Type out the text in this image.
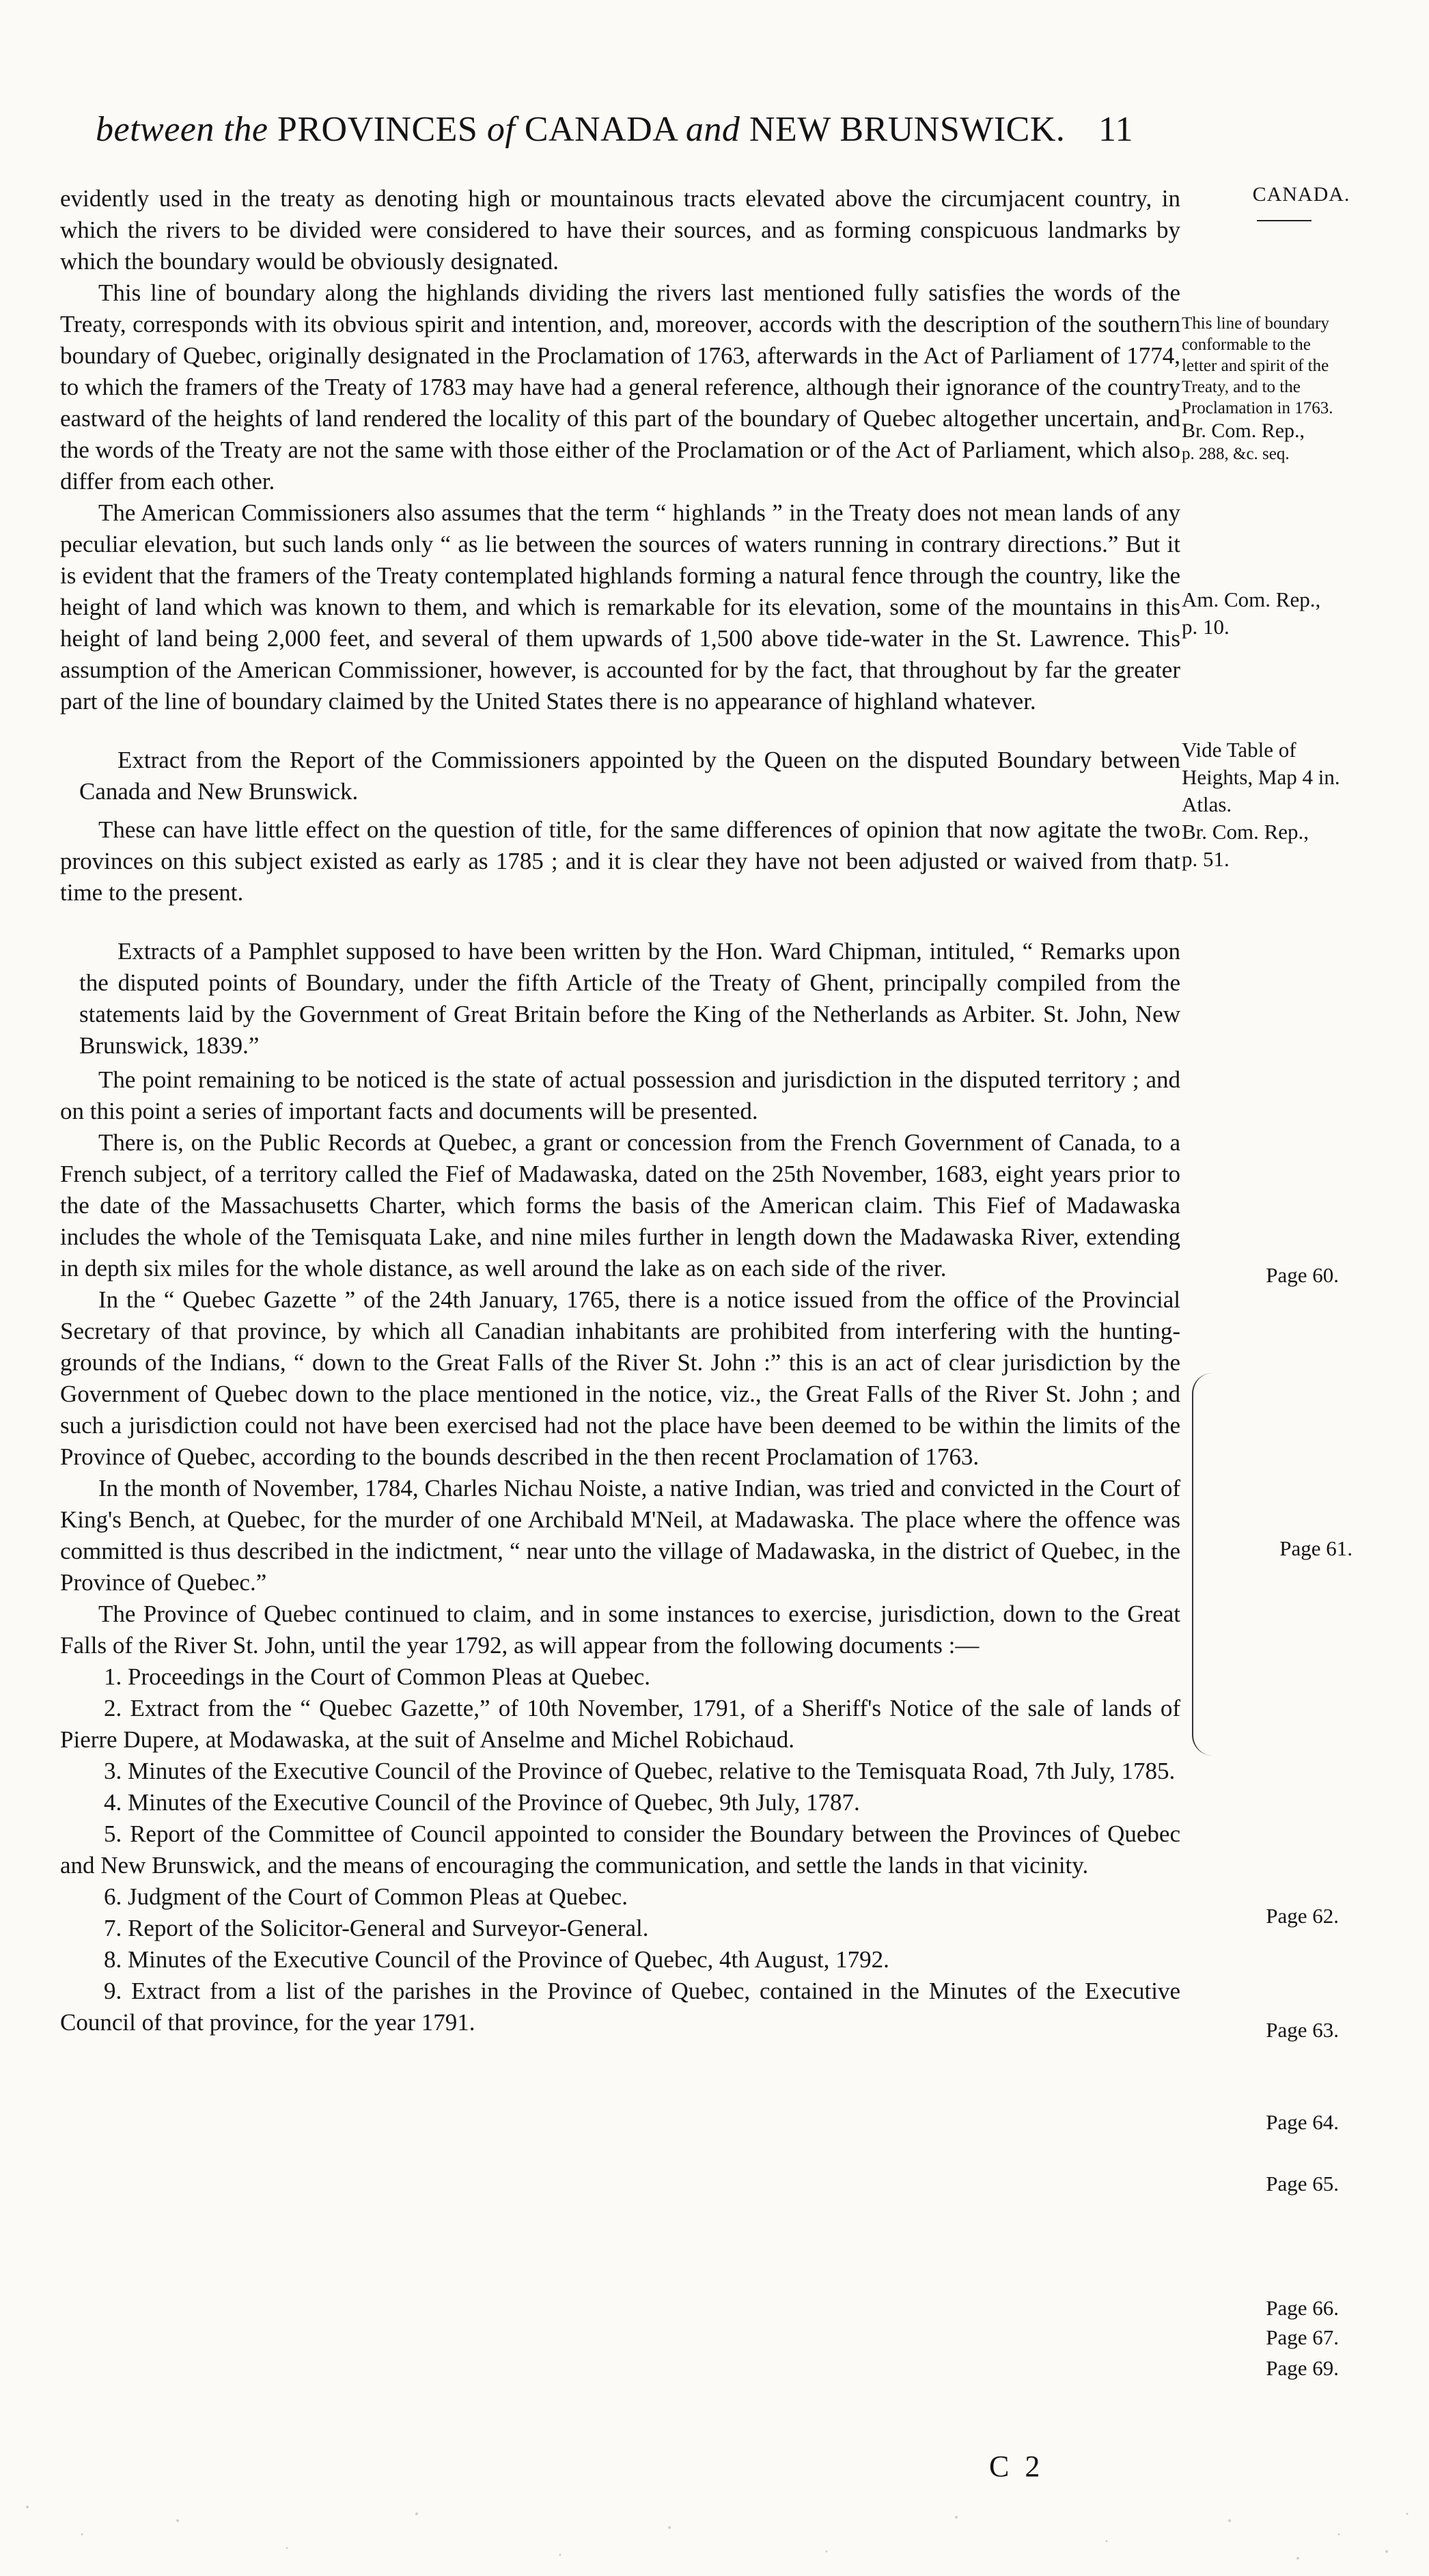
between the PROVINCES of CANADA and NEW BRUNSWICK. 11
CANADA.
This line of boundary
conformable to the
letter and spirit of the
Treaty, and to the
Proclamation in 1763.
Br. Com. Rep.,
p. 288, &c. seq.
Am. Com. Rep.,
p. 10.
Vide Table of
Heights, Map 4 in.
Atlas.
Br. Com. Rep.,
p. 51.
Page 60.
Page 61.
Page 62.
Page 63.
Page 64.
Page 65.
Page 66.
Page 67.
Page 69.

evidently used in the treaty as denoting high or mountainous tracts elevated above the circumjacent country, in which the rivers to be divided were considered to have their sources, and as forming conspicuous landmarks by which the boundary would be obviously designated.

This line of boundary along the highlands dividing the rivers last mentioned fully satisfies the words of the Treaty, corresponds with its obvious spirit and intention, and, moreover, accords with the description of the southern boundary of Quebec, originally designated in the Proclamation of 1763, afterwards in the Act of Parliament of 1774, to which the framers of the Treaty of 1783 may have had a general reference, although their ignorance of the country eastward of the heights of land rendered the locality of this part of the boundary of Quebec altogether uncertain, and the words of the Treaty are not the same with those either of the Proclamation or of the Act of Parliament, which also differ from each other.

The American Commissioners also assumes that the term “ highlands ” in the Treaty does not mean lands of any peculiar elevation, but such lands only “ as lie between the sources of waters running in contrary directions.” But it is evident that the framers of the Treaty contemplated highlands forming a natural fence through the country, like the height of land which was known to them, and which is remarkable for its elevation, some of the mountains in this height of land being 2,000 feet, and several of them upwards of 1,500 above tide-water in the St. Lawrence. This assumption of the American Commissioner, however, is accounted for by the fact, that throughout by far the greater part of the line of boundary claimed by the United States there is no appearance of highland whatever.

Extract from the Report of the Commissioners appointed by the Queen on the disputed Boundary between Canada and New Brunswick.

These can have little effect on the question of title, for the same differences of opinion that now agitate the two provinces on this subject existed as early as 1785 ; and it is clear they have not been adjusted or waived from that time to the present.

Extracts of a Pamphlet supposed to have been written by the Hon. Ward Chipman, intituled, “ Remarks upon the disputed points of Boundary, under the fifth Article of the Treaty of Ghent, principally compiled from the statements laid by the Government of Great Britain before the King of the Netherlands as Arbiter. St. John, New Brunswick, 1839.”

The point remaining to be noticed is the state of actual possession and jurisdiction in the disputed territory ; and on this point a series of important facts and documents will be presented.

There is, on the Public Records at Quebec, a grant or concession from the French Government of Canada, to a French subject, of a territory called the Fief of Madawaska, dated on the 25th November, 1683, eight years prior to the date of the Massachusetts Charter, which forms the basis of the American claim. This Fief of Madawaska includes the whole of the Temisquata Lake, and nine miles further in length down the Madawaska River, extending in depth six miles for the whole distance, as well around the lake as on each side of the river.

In the “ Quebec Gazette ” of the 24th January, 1765, there is a notice issued from the office of the Provincial Secretary of that province, by which all Canadian inhabitants are prohibited from interfering with the hunting-grounds of the Indians, “ down to the Great Falls of the River St. John :” this is an act of clear jurisdiction by the Government of Quebec down to the place mentioned in the notice, viz., the Great Falls of the River St. John ; and such a jurisdiction could not have been exercised had not the place have been deemed to be within the limits of the Province of Quebec, according to the bounds described in the then recent Proclamation of 1763.

In the month of November, 1784, Charles Nichau Noiste, a native Indian, was tried and convicted in the Court of King's Bench, at Quebec, for the murder of one Archibald M'Neil, at Madawaska. The place where the offence was committed is thus described in the indictment, “ near unto the village of Madawaska, in the district of Quebec, in the Province of Quebec.”

The Province of Quebec continued to claim, and in some instances to exercise, jurisdiction, down to the Great Falls of the River St. John, until the year 1792, as will appear from the following documents :—

1. Proceedings in the Court of Common Pleas at Quebec.

2. Extract from the “ Quebec Gazette,” of 10th November, 1791, of a Sheriff's Notice of the sale of lands of Pierre Dupere, at Modawaska, at the suit of Anselme and Michel Robichaud.

3. Minutes of the Executive Council of the Province of Quebec, relative to the Temisquata Road, 7th July, 1785.

4. Minutes of the Executive Council of the Province of Quebec, 9th July, 1787.

5. Report of the Committee of Council appointed to consider the Boundary between the Provinces of Quebec and New Brunswick, and the means of encouraging the communication, and settle the lands in that vicinity.

6. Judgment of the Court of Common Pleas at Quebec.

7. Report of the Solicitor-General and Surveyor-General.

8. Minutes of the Executive Council of the Province of Quebec, 4th August, 1792.

9. Extract from a list of the parishes in the Province of Quebec, contained in the Minutes of the Executive Council of that province, for the year 1791.

C 2
